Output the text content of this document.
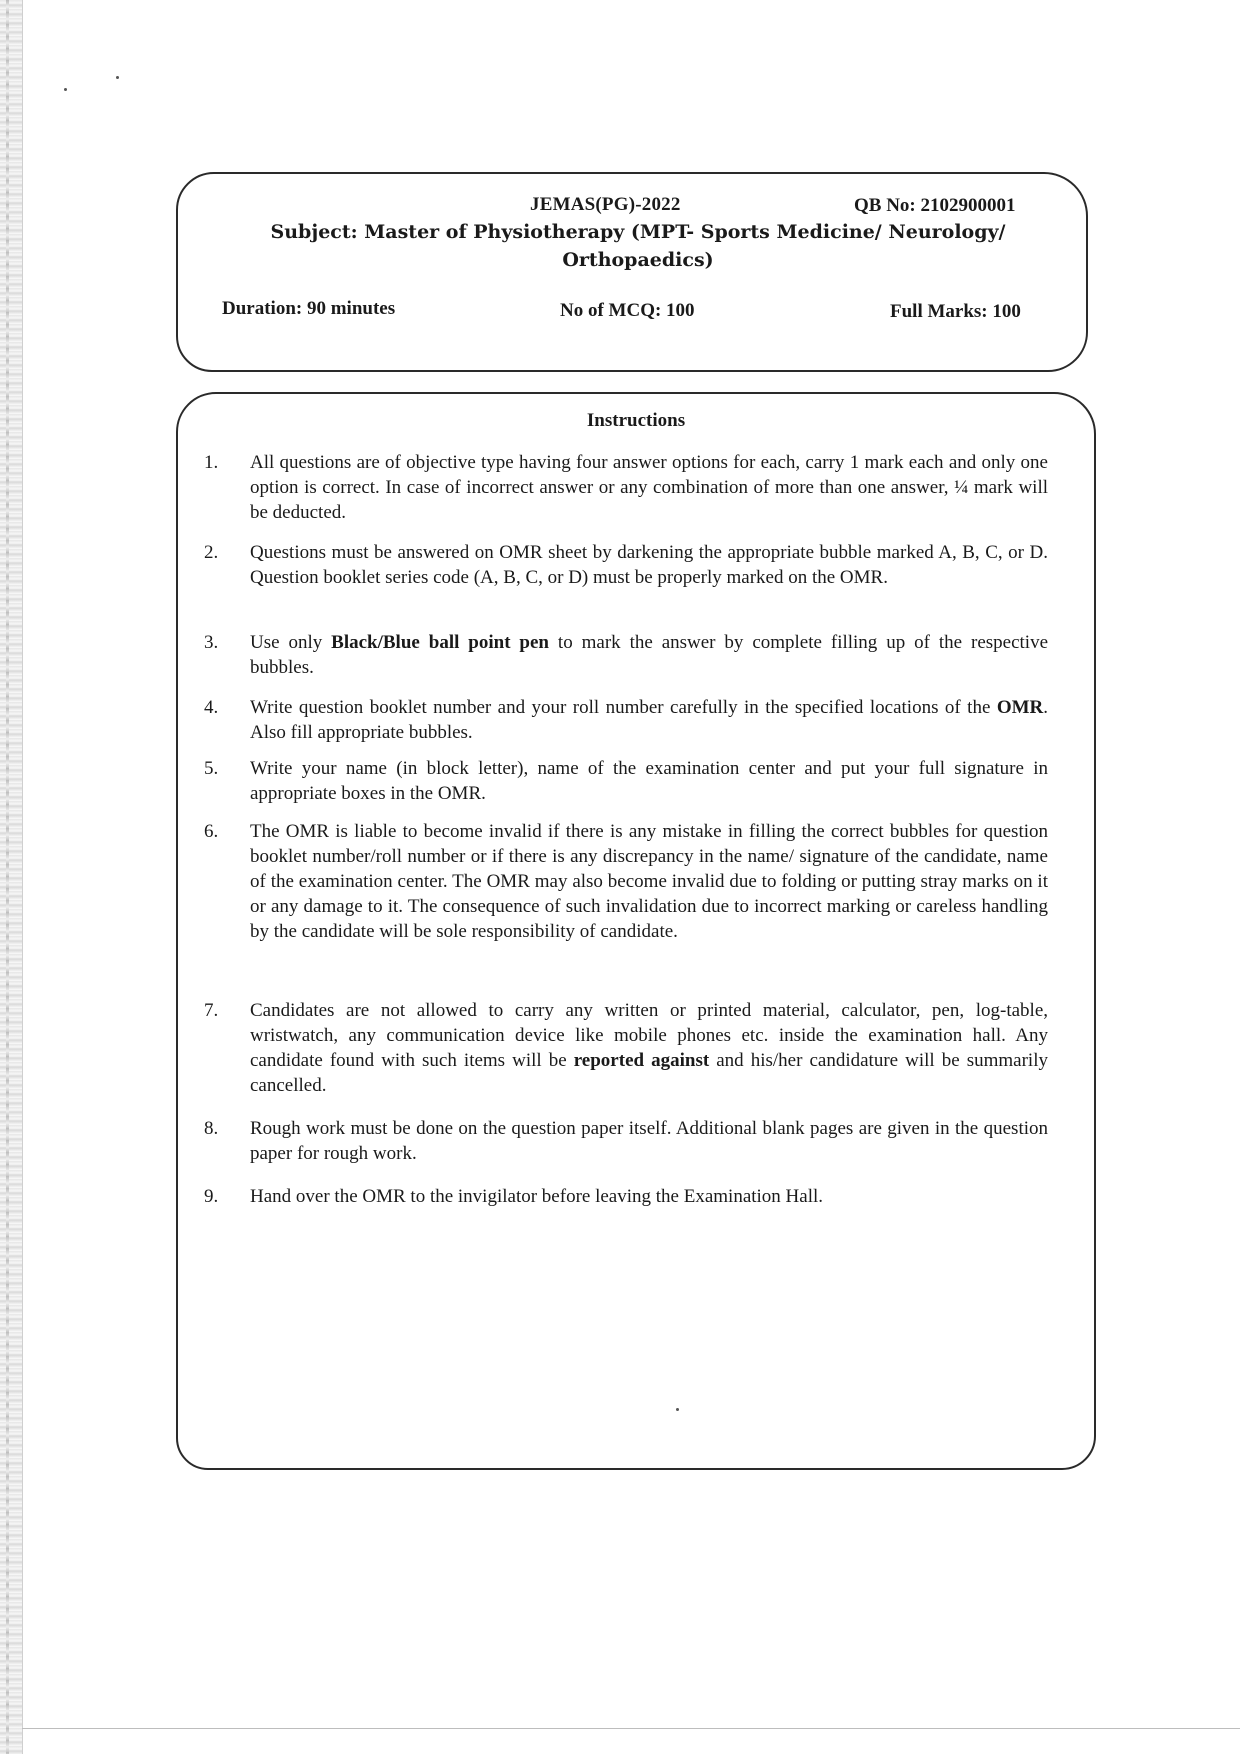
JEMAS(PG)-2022	QB No: 2102900001
Subject: Master of Physiotherapy (MPT- Sports Medicine/ Neurology/
Orthopaedics)
Duration: 90 minutes	No of MCQ: 100	Full Marks: 100
Instructions
1.	All questions are of objective type having four answer options for each, carry 1 mark each and only one option is correct. In case of incorrect answer or any combination of more than one answer, ¼ mark will be deducted.
2.	Questions must be answered on OMR sheet by darkening the appropriate bubble marked A, B, C, or D. Question booklet series code (A, B, C, or D) must be properly marked on the OMR.
3.	Use only Black/Blue ball point pen to mark the answer by complete filling up of the respective bubbles.
4.	Write question booklet number and your roll number carefully in the specified locations of the OMR. Also fill appropriate bubbles.
5.	Write your name (in block letter), name of the examination center and put your full signature in appropriate boxes in the OMR.
6.	The OMR is liable to become invalid if there is any mistake in filling the correct bubbles for question booklet number/roll number or if there is any discrepancy in the name/ signature of the candidate, name of the examination center. The OMR may also become invalid due to folding or putting stray marks on it or any damage to it. The consequence of such invalidation due to incorrect marking or careless handling by the candidate will be sole responsibility of candidate.
7.	Candidates are not allowed to carry any written or printed material, calculator, pen, log-table, wristwatch, any communication device like mobile phones etc. inside the examination hall. Any candidate found with such items will be reported against and his/her candidature will be summarily cancelled.
8.	Rough work must be done on the question paper itself. Additional blank pages are given in the question paper for rough work.
9.	Hand over the OMR to the invigilator before leaving the Examination Hall.
